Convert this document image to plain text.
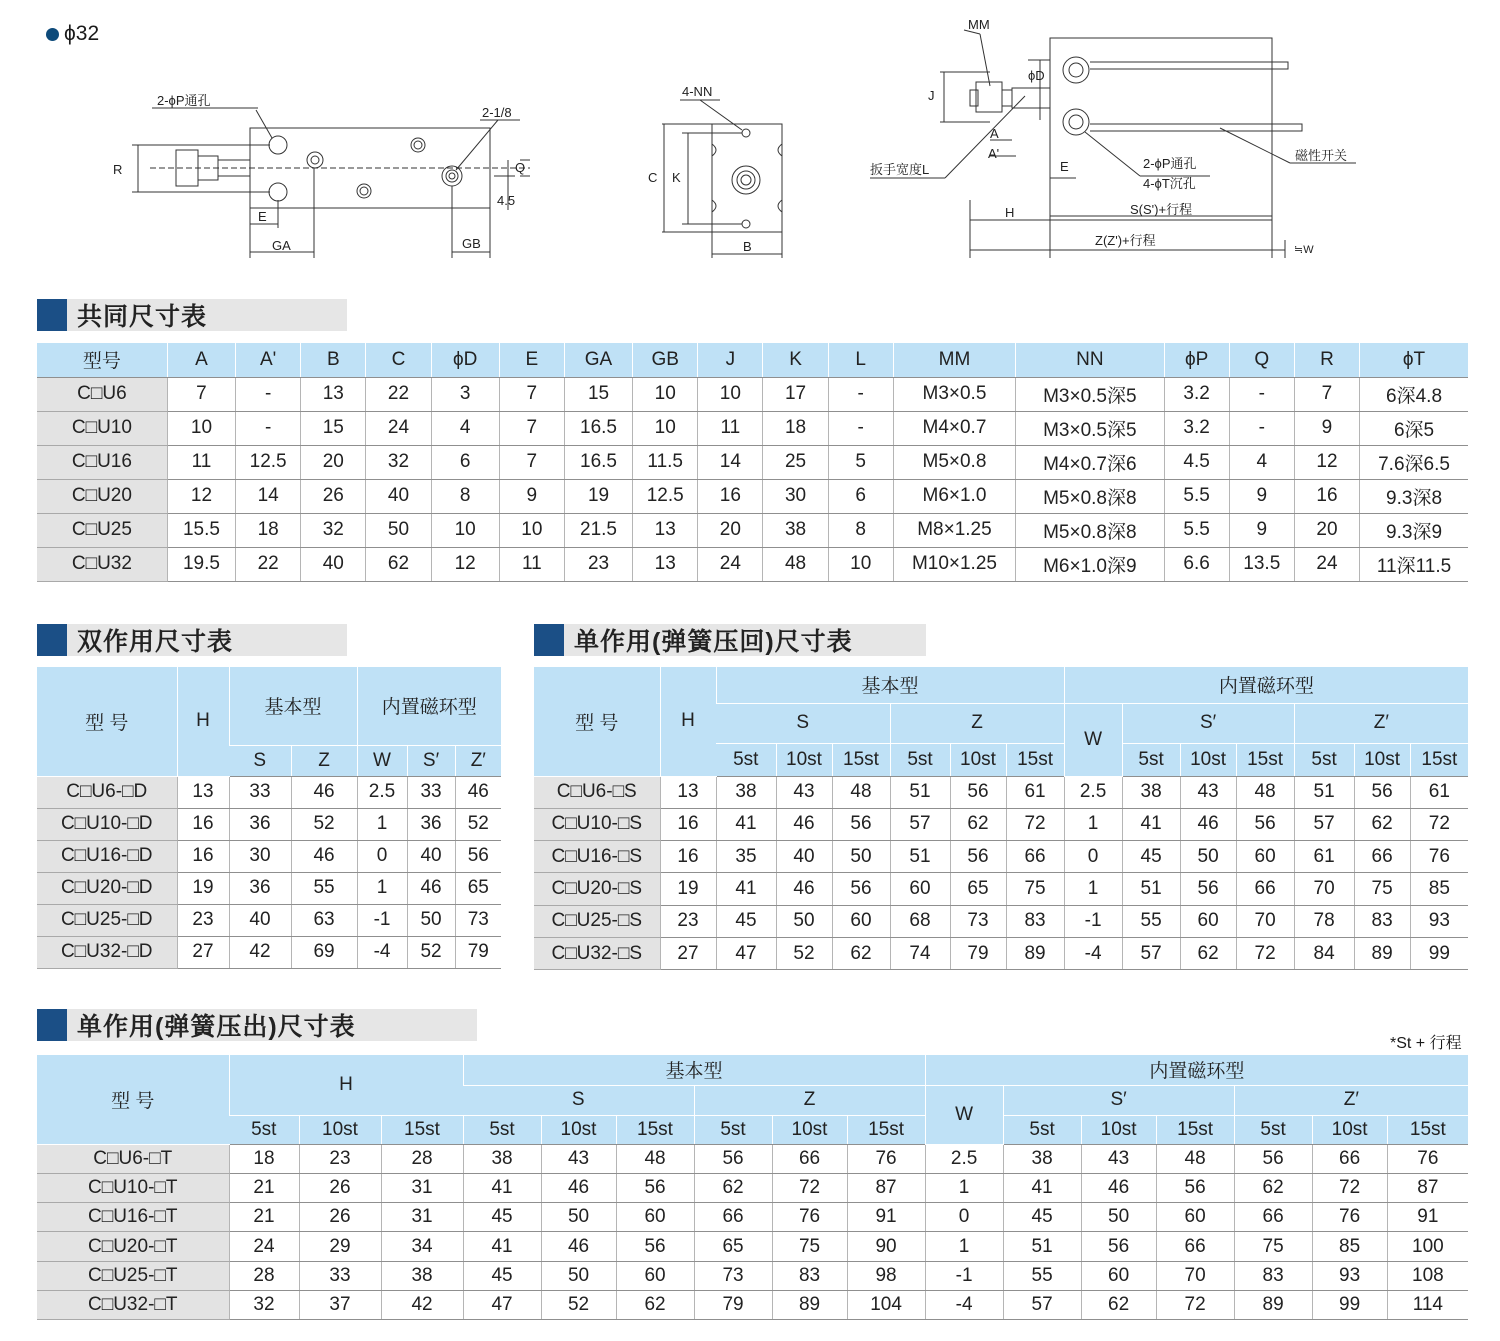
ϕ32
2-ϕP通孔
2-1/8
R
E
GA	GB
Q
4.5
4-NN
C K
B
MM
J
ϕD
A
A'
扳手宽度L	E	2-ϕP通孔
4-ϕT沉孔
磁性开关
H	S(S')+行程
Z(Z')+行程
≒W
共同尺寸表
型号	A	A'	B	C	ϕD	E	GA	GB	J	K	L	MM	NN	ϕP	Q	R	ϕT
C□U6	7	-	13	22	3	7	15	10	10	17	-	M3×0.5	M3×0.5深5	3.2	-	7	6深4.8
C□U10	10	-	15	24	4	7	16.5	10	11	18	-	M4×0.7	M3×0.5深5	3.2	-	9	6深5
C□U16	11	12.5	20	32	6	7	16.5	11.5	14	25	5	M5×0.8	M4×0.7深6	4.5	4	12	7.6深6.5
C□U20	12	14	26	40	8	9	19	12.5	16	30	6	M6×1.0	M5×0.8深8	5.5	9	16	9.3深8
C□U25	15.5	18	32	50	10	10	21.5	13	20	38	8	M8×1.25	M5×0.8深8	5.5	9	20	9.3深9
C□U32	19.5	22	40	62	12	11	23	13	24	48	10	M10×1.25	M6×1.0深9	6.6	13.5	24	11深11.5
双作用尺寸表
型 号	H	基本型		内置磁环型		
		S	Z	W	S′	Z′
C□U6-□D	13	33	46	2.5	33	46
C□U10-□D	16	36	52	1	36	52
C□U16-□D	16	30	46	0	40	56
C□U20-□D	19	36	55	1	46	65
C□U25-□D	23	40	63	-1	50	73
C□U32-□D	27	42	69	-4	52	79
单作用(弹簧压回)尺寸表
型 号	H	基本型						内置磁环型						
		S			Z			W	S′			Z′		
		5st	10st	15st	5st	10st	15st		5st	10st	15st	5st	10st	15st
C□U6-□S	13	38	43	48	51	56	61	2.5	38	43	48	51	56	61
C□U10-□S	16	41	46	56	57	62	72	1	41	46	56	57	62	72
C□U16-□S	16	35	40	50	51	56	66	0	45	50	60	61	66	76
C□U20-□S	19	41	46	56	60	65	75	1	51	56	66	70	75	85
C□U25-□S	23	45	50	60	68	73	83	-1	55	60	70	78	83	93
C□U32-□S	27	47	52	62	74	79	89	-4	57	62	72	84	89	99
单作用(弹簧压出)尺寸表
*St + 行程
型 号	H			基本型						内置磁环型						
				S			Z			W	S′			Z′		
	5st	10st	15st	5st	10st	15st	5st	10st	15st		5st	10st	15st	5st	10st	15st
C□U6-□T	18	23	28	38	43	48	56	66	76	2.5	38	43	48	56	66	76
C□U10-□T	21	26	31	41	46	56	62	72	87	1	41	46	56	62	72	87
C□U16-□T	21	26	31	45	50	60	66	76	91	0	45	50	60	66	76	91
C□U20-□T	24	29	34	41	46	56	65	75	90	1	51	56	66	75	85	100
C□U25-□T	28	33	38	45	50	60	73	83	98	-1	55	60	70	83	93	108
C□U32-□T	32	37	42	47	52	62	79	89	104	-4	57	62	72	89	99	114
